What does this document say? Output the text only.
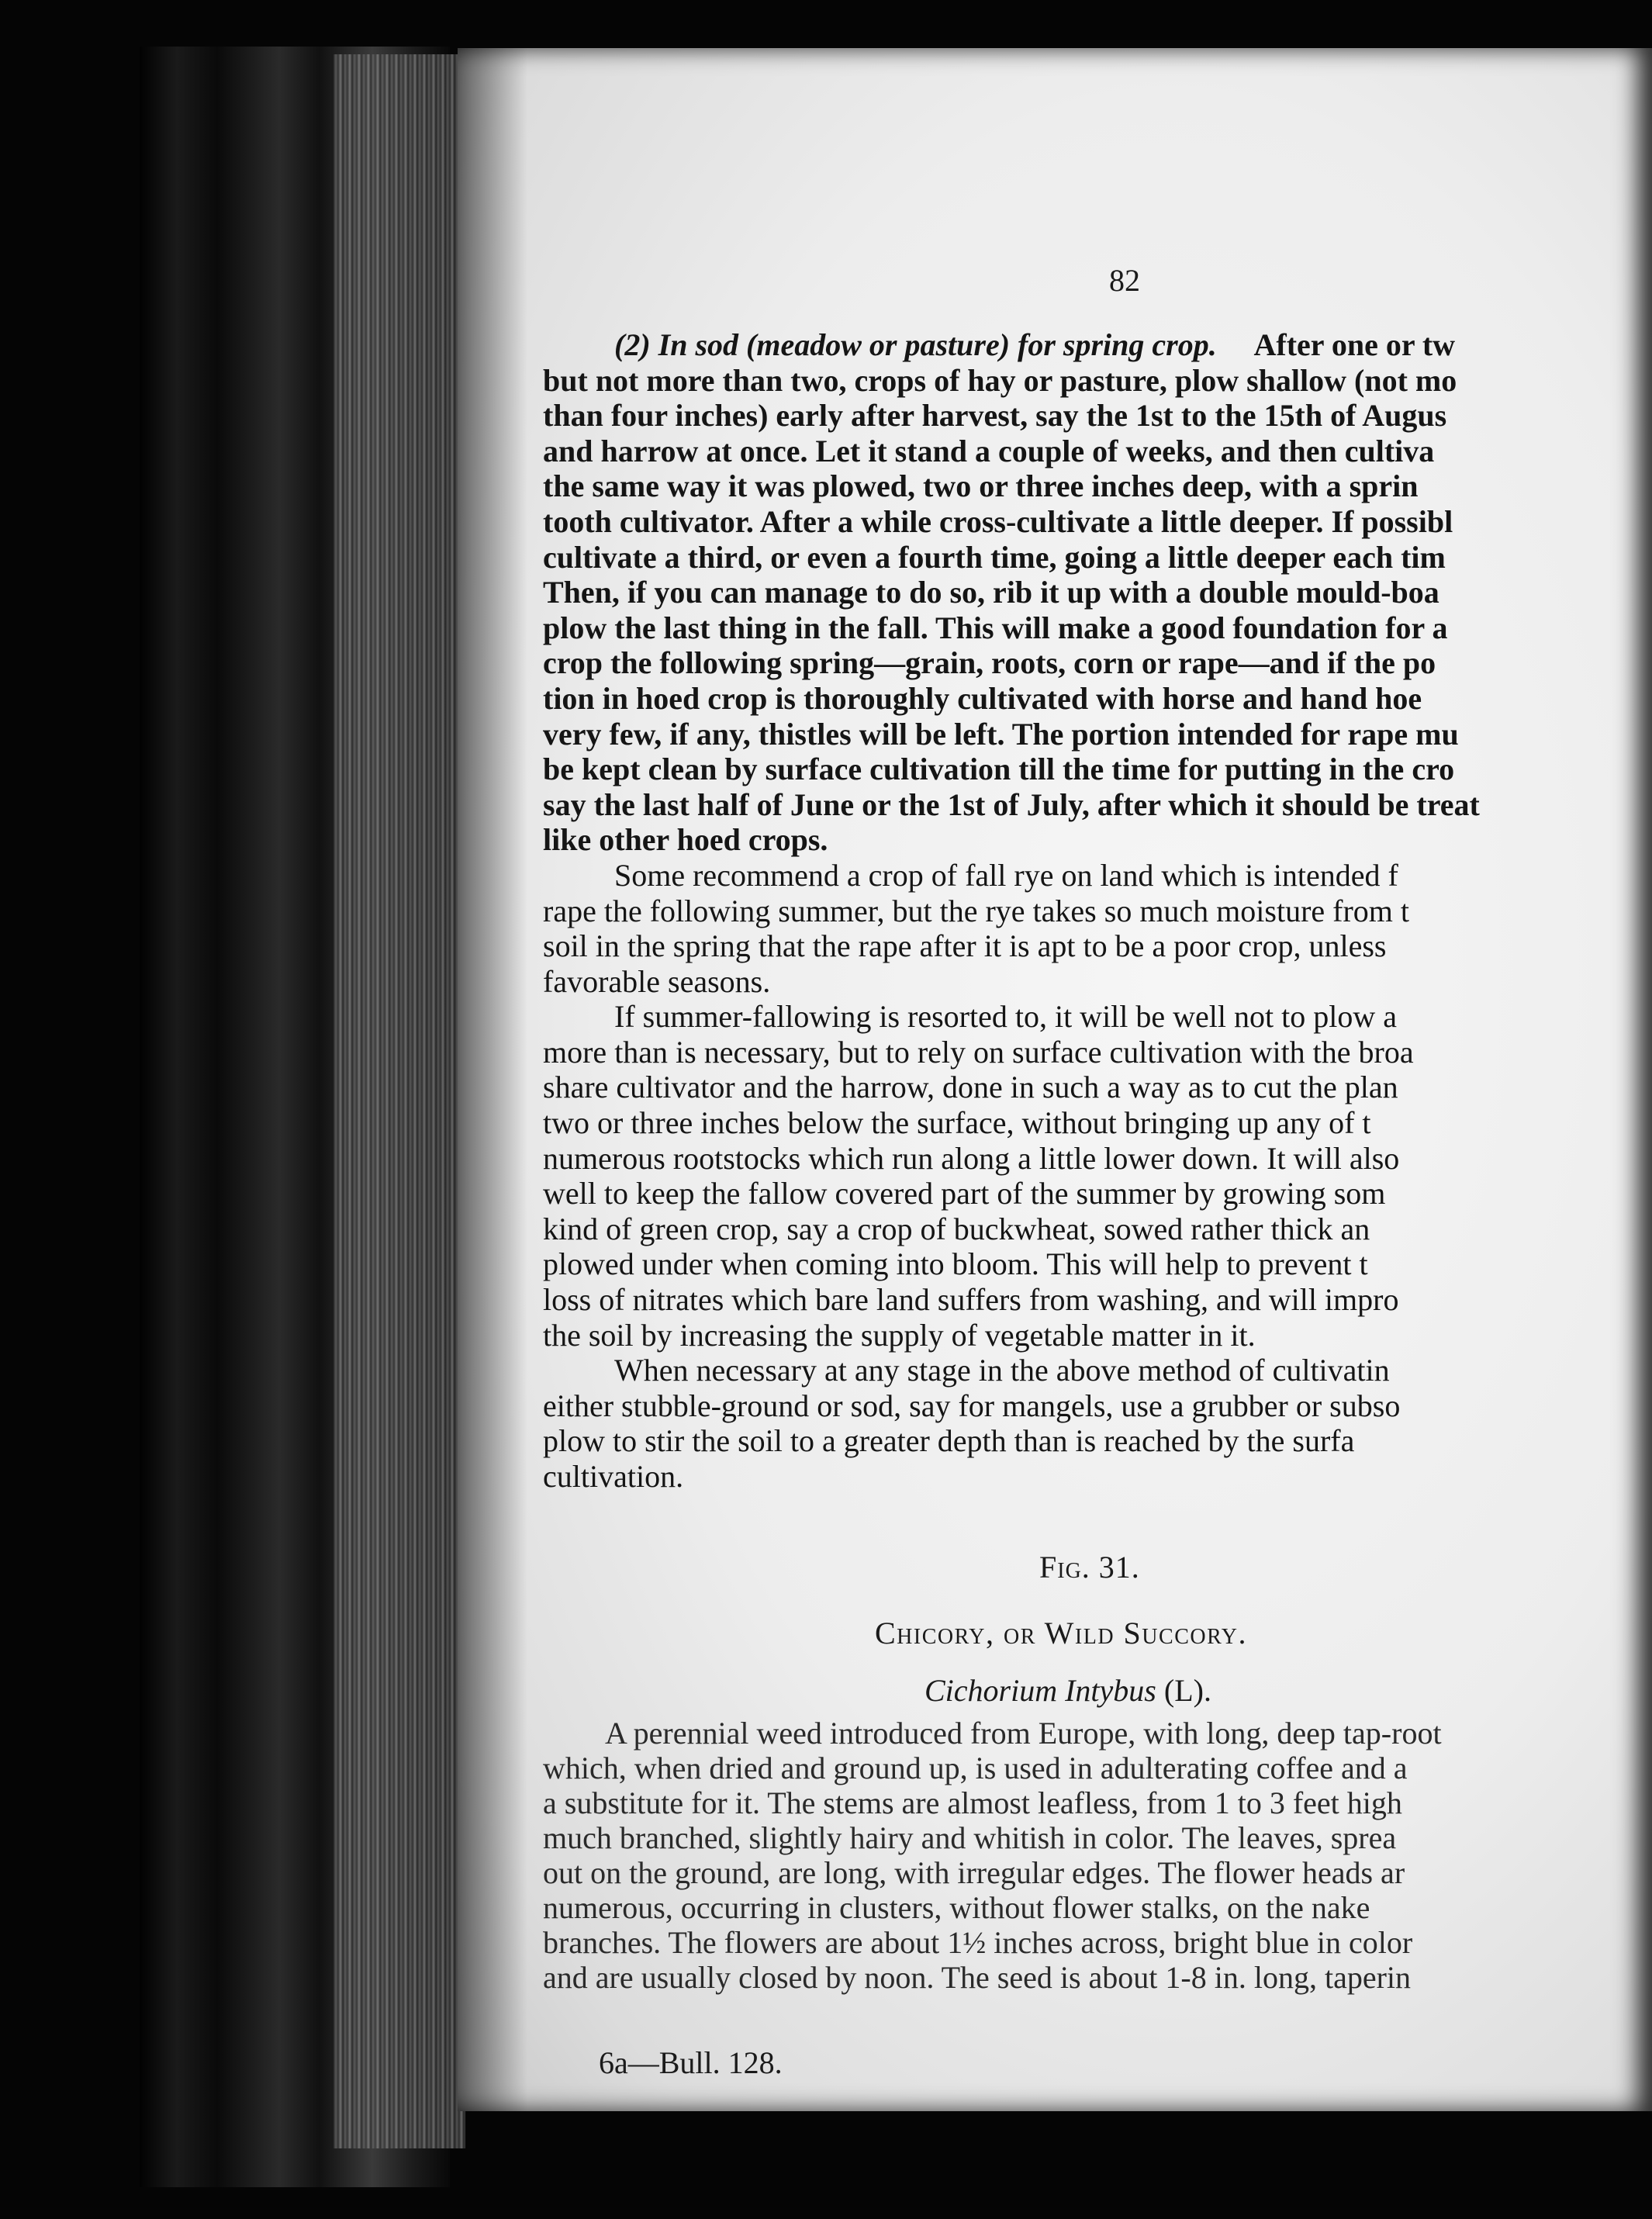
82

(2) In sod (meadow or pasture) for spring crop. After one or tw

but not more than two, crops of hay or pasture, plow shallow (not mo

than four inches) early after harvest, say the 1st to the 15th of Augus

and harrow at once. Let it stand a couple of weeks, and then cultiva

the same way it was plowed, two or three inches deep, with a sprin

tooth cultivator. After a while cross-cultivate a little deeper. If possibl

cultivate a third, or even a fourth time, going a little deeper each tim

Then, if you can manage to do so, rib it up with a double mould-boa

plow the last thing in the fall. This will make a good foundation for a

crop the following spring—grain, roots, corn or rape—and if the po

tion in hoed crop is thoroughly cultivated with horse and hand hoe

very few, if any, thistles will be left. The portion intended for rape mu

be kept clean by surface cultivation till the time for putting in the cro

say the last half of June or the 1st of July, after which it should be treat

like other hoed crops.

Some recommend a crop of fall rye on land which is intended f

rape the following summer, but the rye takes so much moisture from t

soil in the spring that the rape after it is apt to be a poor crop, unless

favorable seasons.

If summer-fallowing is resorted to, it will be well not to plow a

more than is necessary, but to rely on surface cultivation with the broa

share cultivator and the harrow, done in such a way as to cut the plan

two or three inches below the surface, without bringing up any of t

numerous rootstocks which run along a little lower down. It will also

well to keep the fallow covered part of the summer by growing som

kind of green crop, say a crop of buckwheat, sowed rather thick an

plowed under when coming into bloom. This will help to prevent t

loss of nitrates which bare land suffers from washing, and will impro

the soil by increasing the supply of vegetable matter in it.

When necessary at any stage in the above method of cultivatin

either stubble-ground or sod, say for mangels, use a grubber or subso

plow to stir the soil to a greater depth than is reached by the surfa

cultivation.

Fig. 31.
Chicory, or Wild Succory.
Cichorium Intybus (L).

A perennial weed introduced from Europe, with long, deep tap-root

which, when dried and ground up, is used in adulterating coffee and a

a substitute for it. The stems are almost leafless, from 1 to 3 feet high

much branched, slightly hairy and whitish in color. The leaves, sprea

out on the ground, are long, with irregular edges. The flower heads ar

numerous, occurring in clusters, without flower stalks, on the nake

branches. The flowers are about 1½ inches across, bright blue in color

and are usually closed by noon. The seed is about 1-8 in. long, taperin

6a—Bull. 128.
